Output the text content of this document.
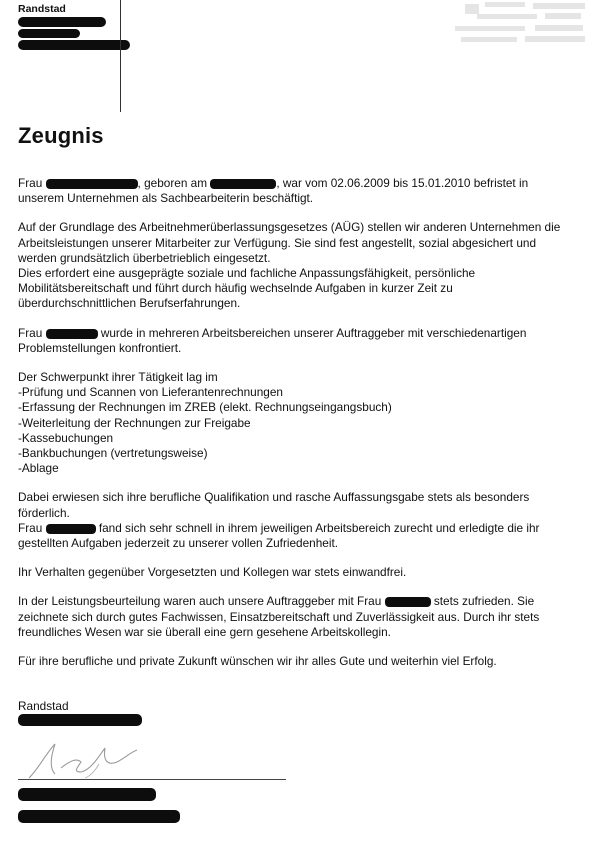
Randstad
Zeugnis

Frau	, geboren am	, war vom 02.06.2009 bis 15.01.2010 befristet in
unserem Unternehmen als Sachbearbeiterin beschäftigt.

Auf der Grundlage des Arbeitnehmerüberlassungsgesetzes (AÜG) stellen wir anderen Unternehmen die
Arbeitsleistungen unserer Mitarbeiter zur Verfügung. Sie sind fest angestellt, sozial abgesichert und
werden grundsätzlich überbetrieblich eingesetzt.
Dies erfordert eine ausgeprägte soziale und fachliche Anpassungsfähigkeit, persönliche
Mobilitätsbereitschaft und führt durch häufig wechselnde Aufgaben in kurzer Zeit zu
überdurchschnittlichen Berufserfahrungen.

Frau	wurde in mehreren Arbeitsbereichen unserer Auftraggeber mit verschiedenartigen
Problemstellungen konfrontiert.

Der Schwerpunkt ihrer Tätigkeit lag im
-Prüfung und Scannen von Lieferantenrechnungen
-Erfassung der Rechnungen im ZREB (elekt. Rechnungseingangsbuch)
-Weiterleitung der Rechnungen zur Freigabe
-Kassebuchungen
-Bankbuchungen (vertretungsweise)
-Ablage

Dabei erwiesen sich ihre berufliche Qualifikation und rasche Auffassungsgabe stets als besonders
förderlich.
Frau	fand sich sehr schnell in ihrem jeweiligen Arbeitsbereich zurecht und erledigte die ihr
gestellten Aufgaben jederzeit zu unserer vollen Zufriedenheit.

Ihr Verhalten gegenüber Vorgesetzten und Kollegen war stets einwandfrei.

In der Leistungsbeurteilung waren auch unsere Auftraggeber mit Frau	stets zufrieden. Sie
zeichnete sich durch gutes Fachwissen, Einsatzbereitschaft und Zuverlässigkeit aus. Durch ihr stets
freundliches Wesen war sie überall eine gern gesehene Arbeitskollegin.

Für ihre berufliche und private Zukunft wünschen wir ihr alles Gute und weiterhin viel Erfolg.

Randstad
